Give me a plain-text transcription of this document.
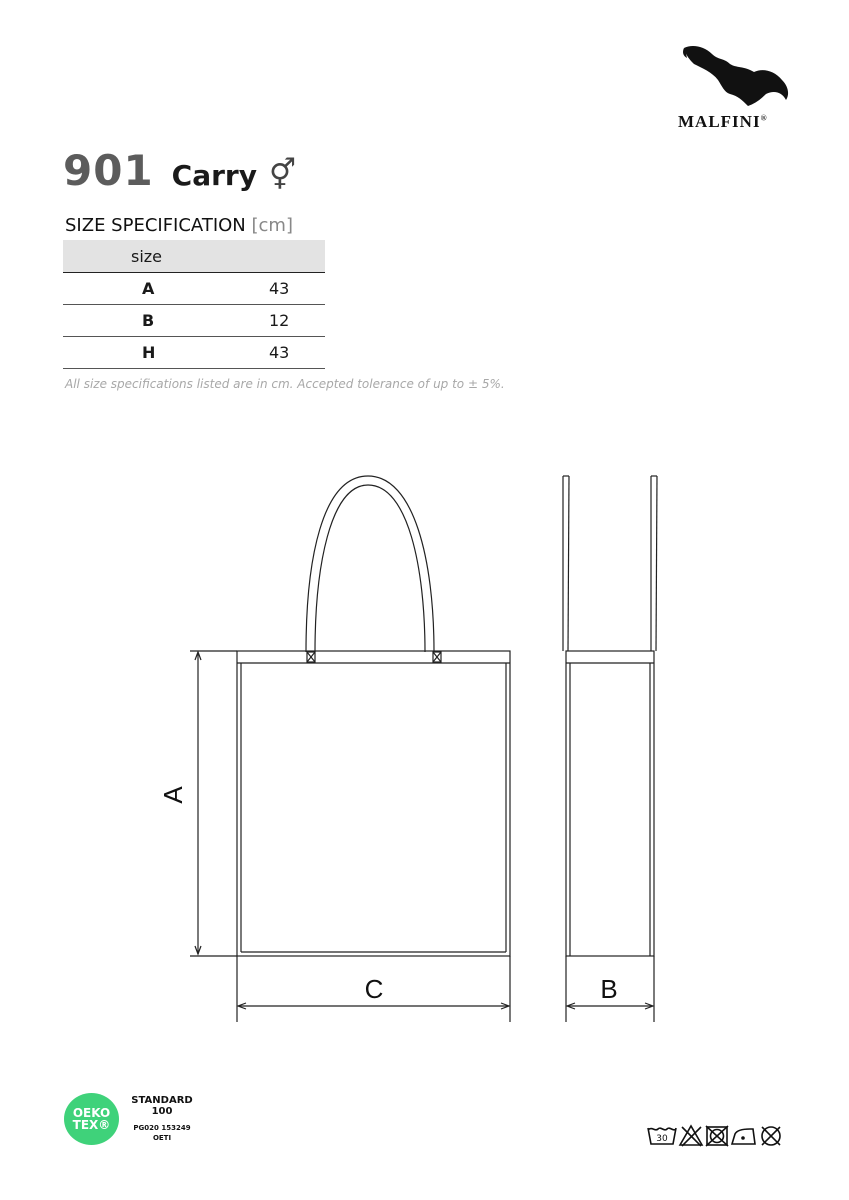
MALFINI®
901 Carry ⚥
SIZE SPECIFICATION [cm]
size	
A	43
B	12
H	43
All size specifications listed are in cm. Accepted tolerance of up to ± 5%.
A
C	B
OEKO
TEX®
STANDARD
100
PG020 153249
OETI	30
